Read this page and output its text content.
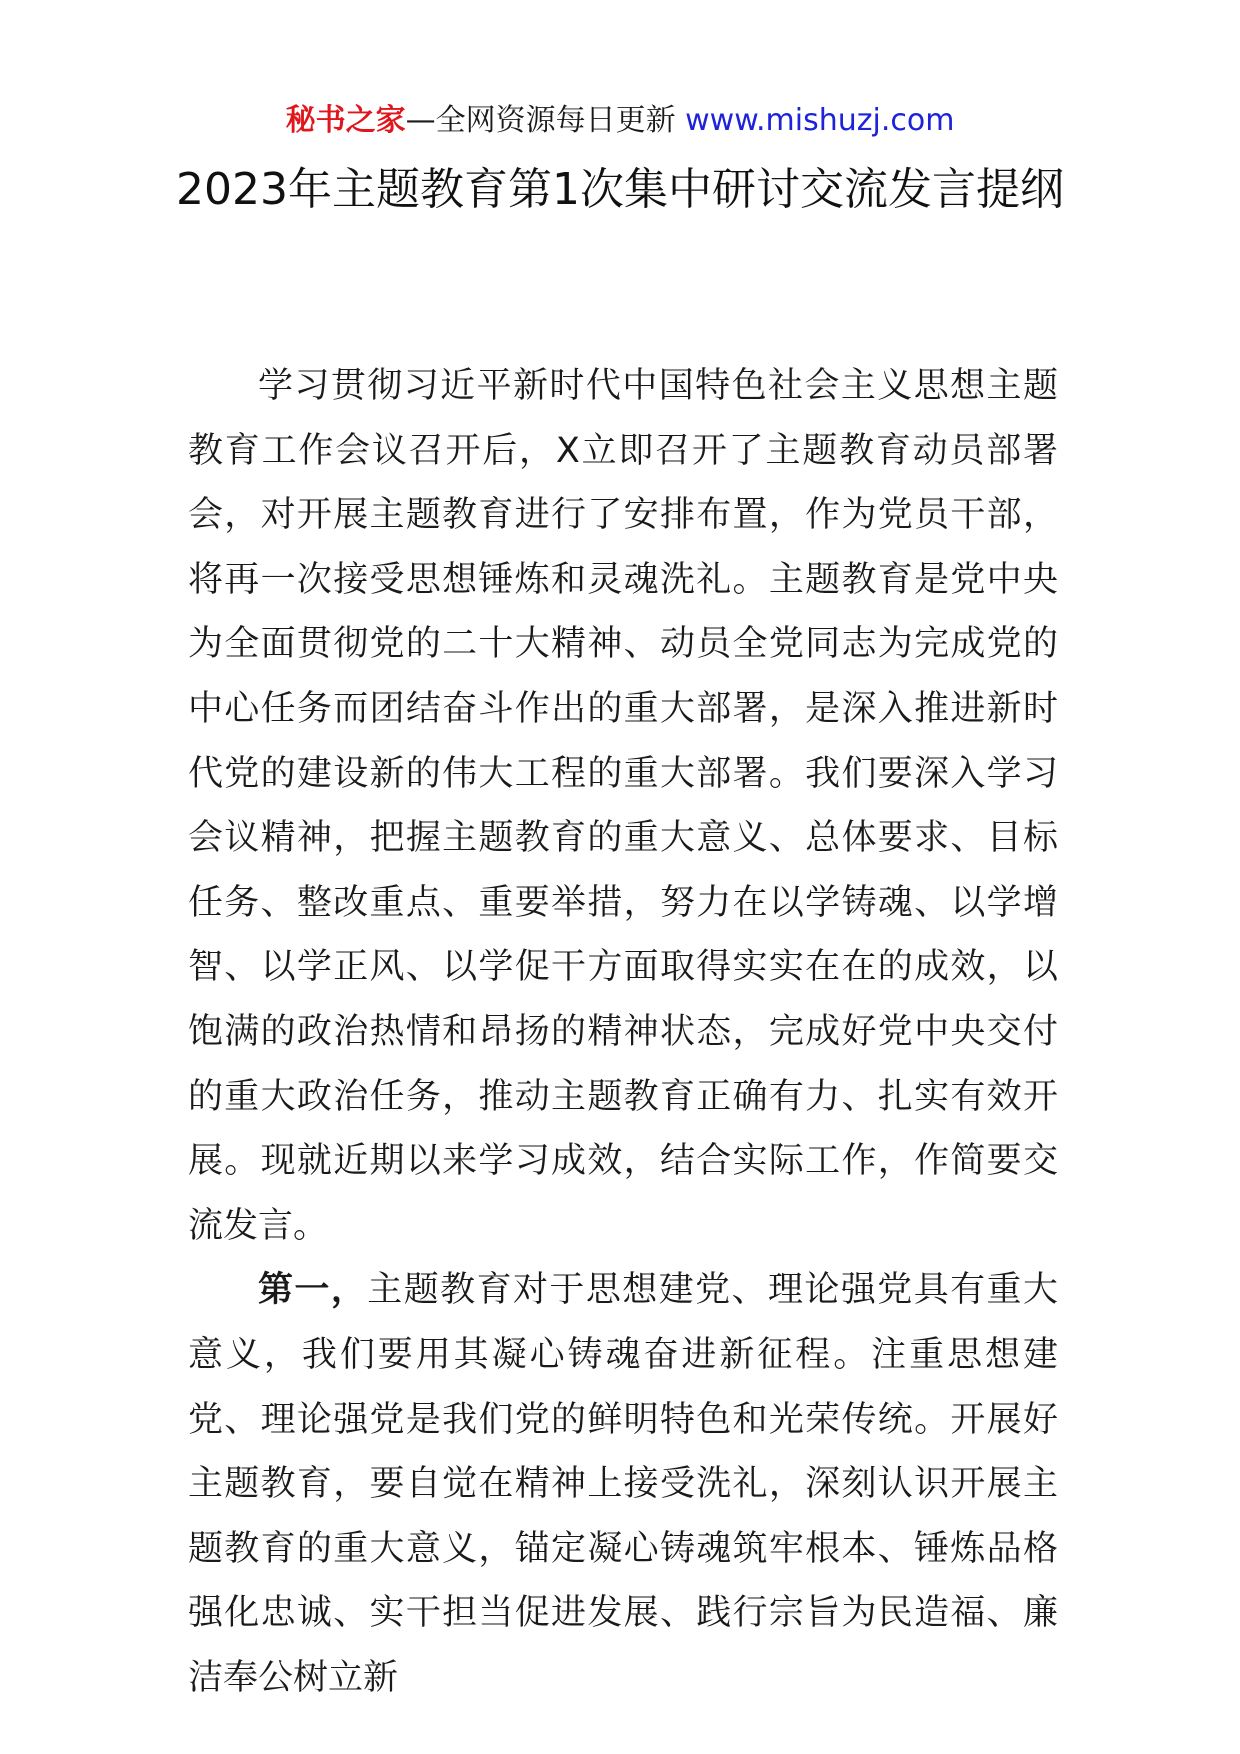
秘书之家—全网资源每日更新 www.mishuzj.com
2023年主题教育第1次集中研讨交流发言提纲

学习贯彻习近平新时代中国特色社会主义思想主题教育工作会议召开后，X立即召开了主题教育动员部署会，对开展主题教育进行了安排布置，作为党员干部，将再一次接受思想锤炼和灵魂洗礼。主题教育是党中央为全面贯彻党的二十大精神、动员全党同志为完成党的中心任务而团结奋斗作出的重大部署，是深入推进新时代党的建设新的伟大工程的重大部署。我们要深入学习会议精神，把握主题教育的重大意义、总体要求、目标任务、整改重点、重要举措，努力在以学铸魂、以学增智、以学正风、以学促干方面取得实实在在的成效，以饱满的政治热情和昂扬的精神状态，完成好党中央交付的重大政治任务，推动主题教育正确有力、扎实有效开展。现就近期以来学习成效，结合实际工作，作简要交流发言。

第一，主题教育对于思想建党、理论强党具有重大意义，我们要用其凝心铸魂奋进新征程。注重思想建党、理论强党是我们党的鲜明特色和光荣传统。开展好主题教育，要自觉在精神上接受洗礼，深刻认识开展主题教育的重大意义，锚定凝心铸魂筑牢根本、锤炼品格强化忠诚、实干担当促进发展、践行宗旨为民造福、廉洁奉公树立新
